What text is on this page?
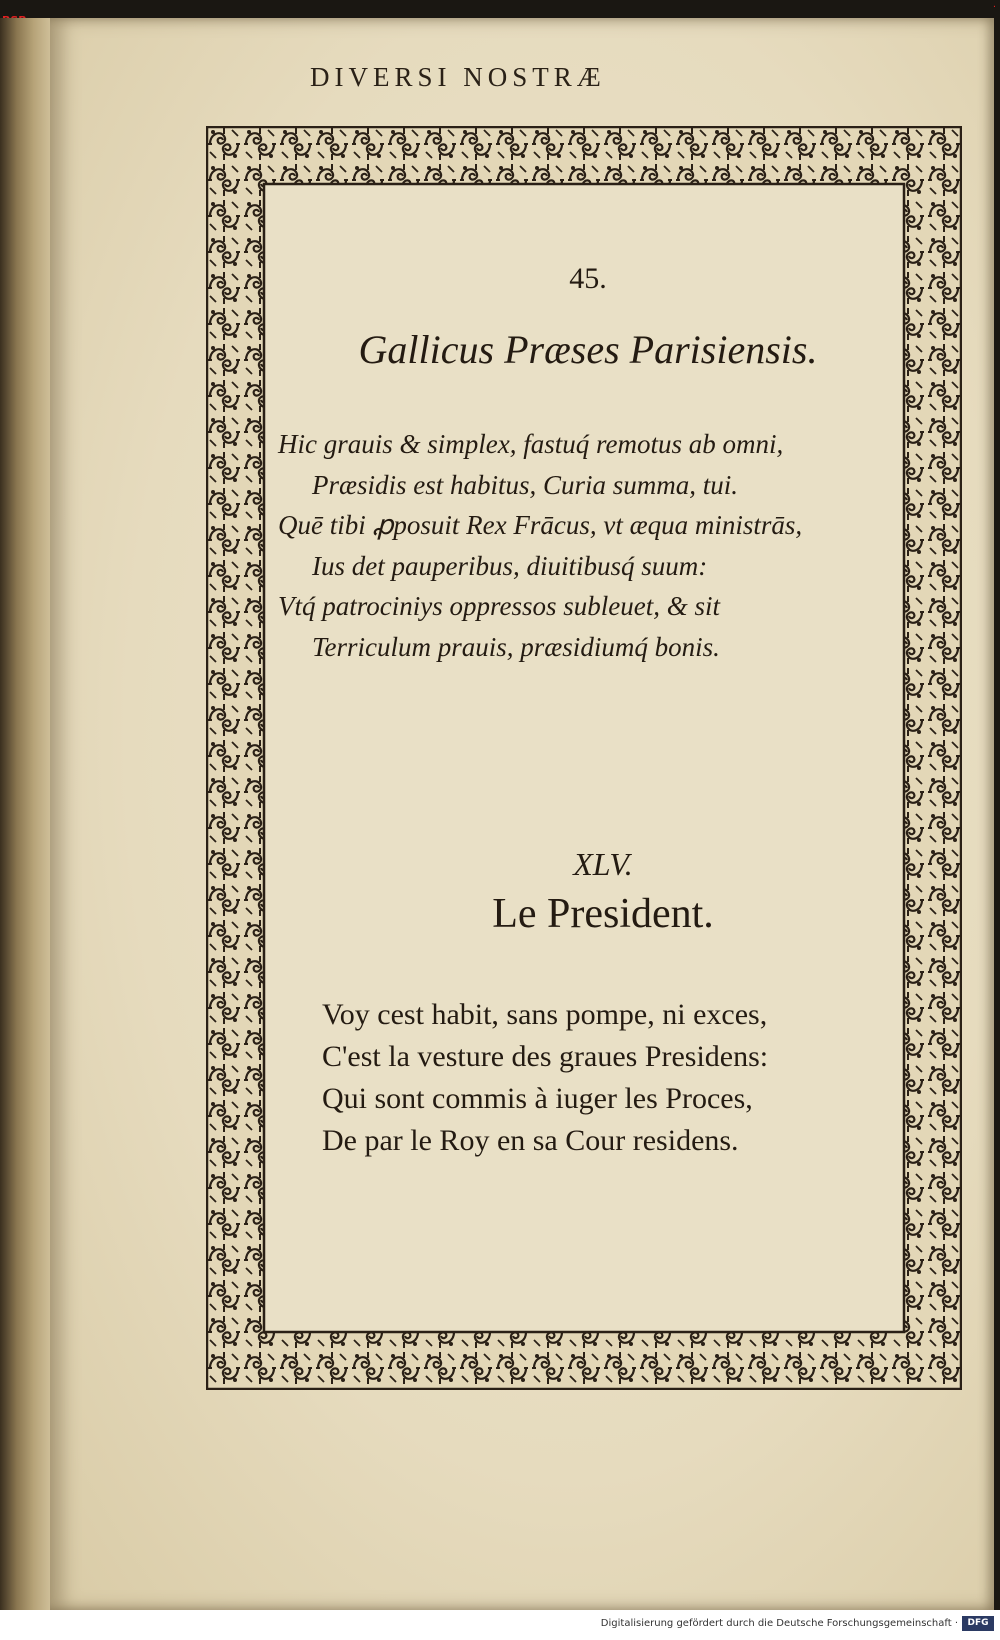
·
DIVERSI NOSTRÆ
45.
Gallicus Præses Parisiensis.
Hic grauis & simplex, fastuq́ remotus ab omni,
Præsidis est habitus, Curia summa, tui.
Quē tibi ꝓposuit Rex Frācus, vt æqua ministrās,
Ius det pauperibus, diuitibusq́ suum:
Vtq́ patrociniys oppressos subleuet, & sit
Terriculum prauis, præsidiumq́ bonis.
XLV.
Le President.
Voy cest habit, sans pompe, ni exces,
C'est la vesture des graues Presidens:
Qui sont commis à iuger les Proces,
De par le Roy en sa Cour residens.
Digitalisierung gefördert durch die Deutsche Forschungsgemeinschaft ·	DFG
